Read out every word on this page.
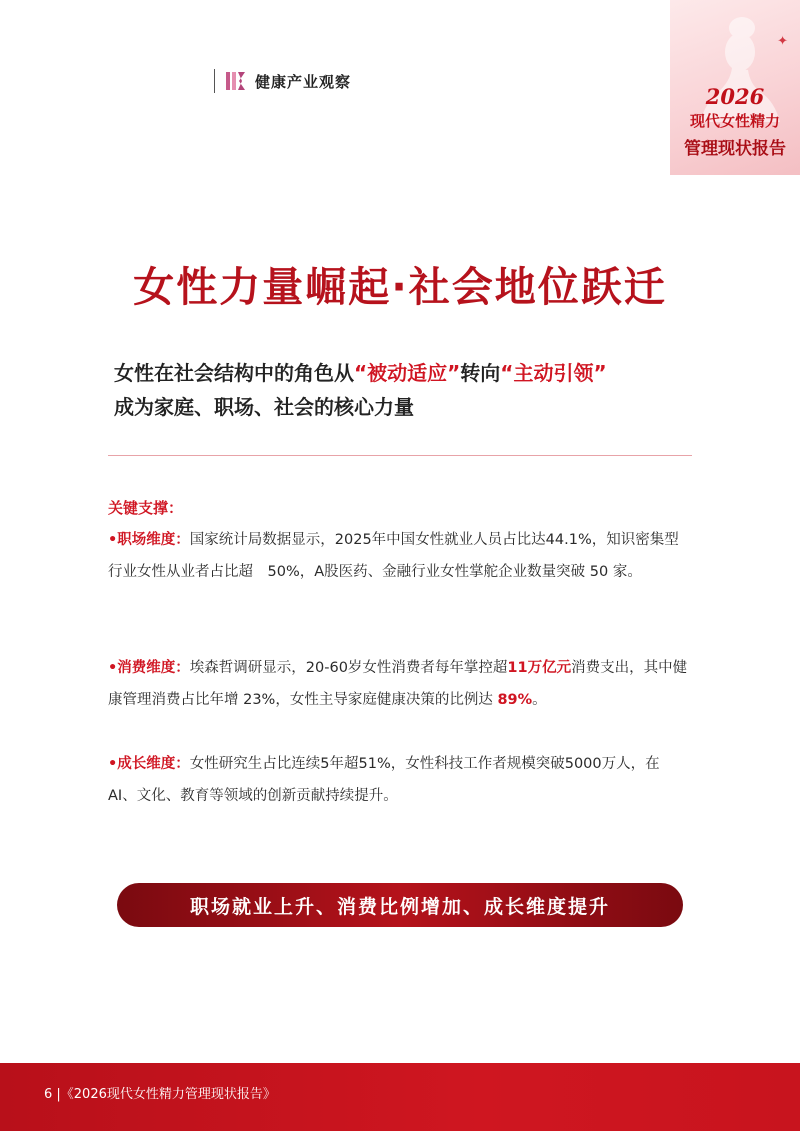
健康产业观察
✦
2026
现代女性精力
管理现状报告
女性力量崛起·社会地位跃迁
女性在社会结构中的角色从“被动适应”转向“主动引领”
成为家庭、职场、社会的核心力量
关键支撑：
•职场维度：国家统计局数据显示，2025年中国女性就业人员占比达44.1%，知识密集型行业女性从业者占比超　50%，A股医药、金融行业女性掌舵企业数量突破 50 家。
•消费维度：埃森哲调研显示，20-60岁女性消费者每年掌控超11万亿元消费支出，其中健康管理消费占比年增 23%，女性主导家庭健康决策的比例达 89%。
•成长维度：女性研究生占比连续5年超51%，女性科技工作者规模突破5000万人，在 AI、文化、教育等领域的创新贡献持续提升。
职场就业上升、消费比例增加、成长维度提升
6 |《2026现代女性精力管理现状报告》
